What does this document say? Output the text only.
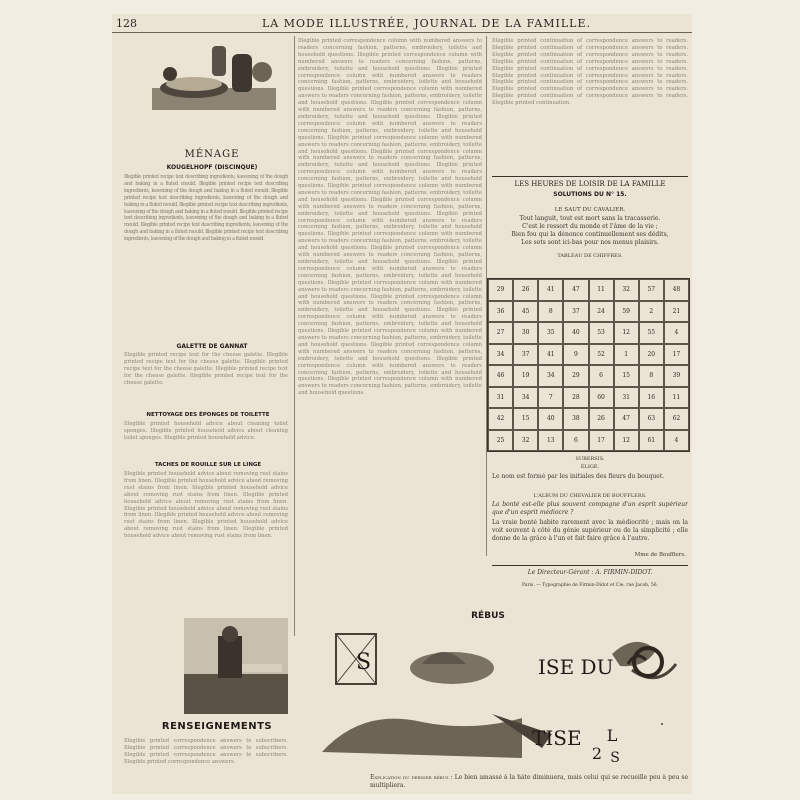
128	LA MODE ILLUSTRÉE, JOURNAL DE LA FAMILLE.
MÉNAGE
KOUGELHOPF (DISCINQUE)
Illegible printed recipe text describing ingredients, leavening of the dough and baking in a fluted mould. Illegible printed recipe text describing ingredients, leavening of the dough and baking in a fluted mould. Illegible printed recipe text describing ingredients, leavening of the dough and baking in a fluted mould. Illegible printed recipe text describing ingredients, leavening of the dough and baking in a fluted mould. Illegible printed recipe text describing ingredients, leavening of the dough and baking in a fluted mould. Illegible printed recipe text describing ingredients, leavening of the dough and baking in a fluted mould. Illegible printed recipe text describing ingredients, leavening of the dough and baking in a fluted mould.
GALETTE DE GANNAT
Illegible printed recipe text for the cheese galette. Illegible printed recipe text for the cheese galette. Illegible printed recipe text for the cheese galette. Illegible printed recipe text for the cheese galette. Illegible printed recipe text for the cheese galette.
NETTOYAGE DES ÉPONGES DE TOILETTE
Illegible printed household advice about cleaning toilet sponges. Illegible printed household advice about cleaning toilet sponges. Illegible printed household advice.
TACHES DE ROUILLE SUR LE LINGE
Illegible printed household advice about removing rust stains from linen. Illegible printed household advice about removing rust stains from linen. Illegible printed household advice about removing rust stains from linen. Illegible printed household advice about removing rust stains from linen. Illegible printed household advice about removing rust stains from linen. Illegible printed household advice about removing rust stains from linen. Illegible printed household advice about removing rust stains from linen. Illegible printed household advice about removing rust stains from linen.
RENSEIGNEMENTS
Illegible printed correspondence answers to subscribers. Illegible printed correspondence answers to subscribers. Illegible printed correspondence answers to subscribers. Illegible printed correspondence answers.
Illegible printed correspondence column with numbered answers to readers concerning fashion, patterns, embroidery, toilette and household questions. Illegible printed correspondence column with numbered answers to readers concerning fashion, patterns, embroidery, toilette and household questions. Illegible printed correspondence column with numbered answers to readers concerning fashion, patterns, embroidery, toilette and household questions. Illegible printed correspondence column with numbered answers to readers concerning fashion, patterns, embroidery, toilette and household questions. Illegible printed correspondence column with numbered answers to readers concerning fashion, patterns, embroidery, toilette and household questions. Illegible printed correspondence column with numbered answers to readers concerning fashion, patterns, embroidery, toilette and household questions. Illegible printed correspondence column with numbered answers to readers concerning fashion, patterns, embroidery, toilette and household questions. Illegible printed correspondence column with numbered answers to readers concerning fashion, patterns, embroidery, toilette and household questions. Illegible printed correspondence column with numbered answers to readers concerning fashion, patterns, embroidery, toilette and household questions. Illegible printed correspondence column with numbered answers to readers concerning fashion, patterns, embroidery, toilette and household questions. Illegible printed correspondence column with numbered answers to readers concerning fashion, patterns, embroidery, toilette and household questions. Illegible printed correspondence column with numbered answers to readers concerning fashion, patterns, embroidery, toilette and household questions. Illegible printed correspondence column with numbered answers to readers concerning fashion, patterns, embroidery, toilette and household questions. Illegible printed correspondence column with numbered answers to readers concerning fashion, patterns, embroidery, toilette and household questions. Illegible printed correspondence column with numbered answers to readers concerning fashion, patterns, embroidery, toilette and household questions. Illegible printed correspondence column with numbered answers to readers concerning fashion, patterns, embroidery, toilette and household questions. Illegible printed correspondence column with numbered answers to readers concerning fashion, patterns, embroidery, toilette and household questions. Illegible printed correspondence column with numbered answers to readers concerning fashion, patterns, embroidery, toilette and household questions. Illegible printed correspondence column with numbered answers to readers concerning fashion, patterns, embroidery, toilette and household questions. Illegible printed correspondence column with numbered answers to readers concerning fashion, patterns, embroidery, toilette and household questions. Illegible printed correspondence column with numbered answers to readers concerning fashion, patterns, embroidery, toilette and household questions. Illegible printed correspondence column with numbered answers to readers concerning fashion, patterns, embroidery, toilette and household questions.
Illegible printed continuation of correspondence answers to readers. Illegible printed continuation of correspondence answers to readers. Illegible printed continuation of correspondence answers to readers. Illegible printed continuation of correspondence answers to readers. Illegible printed continuation of correspondence answers to readers. Illegible printed continuation of correspondence answers to readers. Illegible printed continuation of correspondence answers to readers. Illegible printed continuation of correspondence answers to readers. Illegible printed continuation of correspondence answers to readers. Illegible printed continuation.
LES HEURES DE LOISIR DE LA FAMILLE
SOLUTIONS DU N° 15.
LE SAUT DU CAVALIER.
Tout languit, tout est mort sans la tracasserie.
C'est le ressort du monde et l'âme de la vie ;
Bien fou qui la dénonce continuellement ses dédits,
Les sots sont ici-bas pour nos menus plaisirs.
TABLEAU DE CHIFFRES.
29	26	41	47	11	32	57	48
36	45	8	37	24	59	2	21
27	30	35	40	53	12	55	4
34	37	41	9	52	1	20	17
46	19	34	29	6	15	8	39
31	34	7	28	60	31	16	11
42	15	40	38	26	47	63	62
25	32	13	6	17	12	61	4
SUBERSIS.
ÉLIGÈ.
Le nom est formé par les initiales des fleurs du bouquet.
L'ALBUM DU CHEVALIER DE BOUFFLERS.
La bonté est-elle plus souvent compagne d'un esprit supérieur que d'un esprit médiocre ?
La vraie bonté habite rarement avec la médiocrité ; mais on la voit souvent à côté du génie supérieur ou de la simplicité ; elle donne de la grâce à l'un et fait faire grâce à l'autre.
Mme de Boufflers.
Le Directeur-Gérant : A. FIRMIN-DIDOT.
Paris. — Typographie de Firmin-Didot et Cie, rue Jacob, 56.
RÉBUS
S	ISE DU
TISE
2
L
S
Explication du dernier rébus : Le bien amassé à la hâte diminuera, mais celui qui se recueille peu à peu se multipliera.
